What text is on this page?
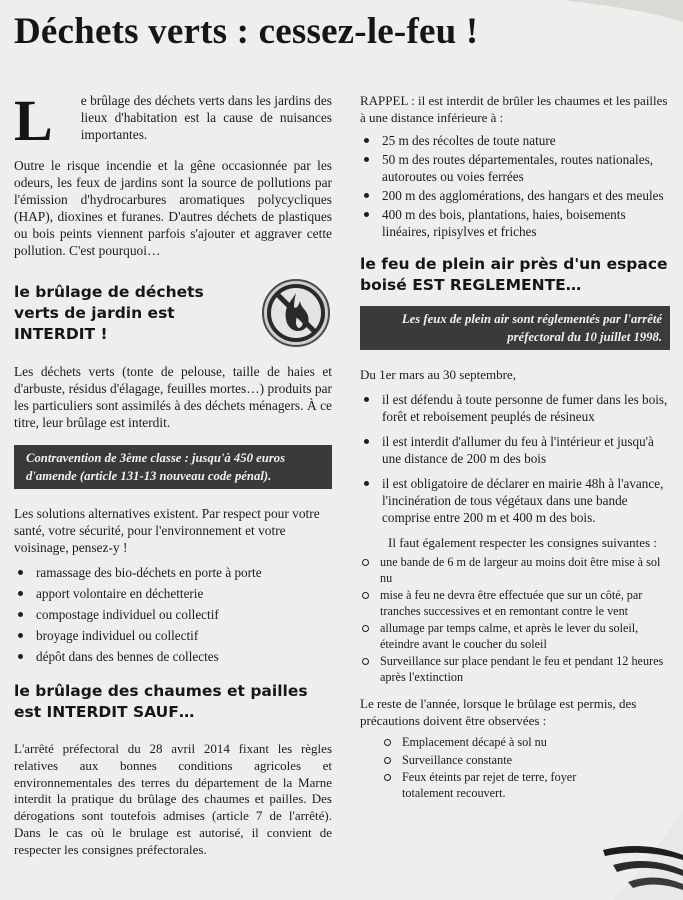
Déchets verts : cessez-le-feu !
L e brûlage des déchets verts dans les jardins des lieux d'habitation est la cause de nuisances importantes.

Outre le risque incendie et la gêne occasionnée par les odeurs, les feux de jardins sont la source de pollutions par l'émission d'hydrocarbures aromatiques polycycliques (HAP), dioxines et furanes. D'autres déchets de plastiques ou bois peints viennent parfois s'ajouter et aggraver cette pollution. C'est pourquoi…

le brûlage de déchets verts de jardin est INTERDIT !

Les déchets verts (tonte de pelouse, taille de haies et d'arbuste, résidus d'élagage, feuilles mortes…) produits par les particuliers sont assimilés à des déchets ménagers. À ce titre, leur brûlage est interdit.

Contravention de 3ème classe : jusqu'à 450 euros d'amende (article 131-13 nouveau code pénal).

Les solutions alternatives existent. Par respect pour votre santé, votre sécurité, pour l'environnement et votre voisinage, pensez-y !

ramassage des bio-déchets en porte à porte
apport volontaire en déchetterie
compostage individuel ou collectif
broyage individuel ou collectif
dépôt dans des bennes de collectes
le brûlage des chaumes et pailles est INTERDIT SAUF…

L'arrêté préfectoral du 28 avril 2014 fixant les règles relatives aux bonnes conditions agricoles et environnementales des terres du département de la Marne interdit la pratique du brûlage des chaumes et pailles. Des dérogations sont toutefois admises (article 7 de l'arrêté). Dans le cas où le brulage est autorisé, il convient de respecter les consignes préfectorales.

RAPPEL : il est interdit de brûler les chaumes et les pailles à une distance inférieure à :

25 m des récoltes de toute nature
50 m des routes départementales, routes nationales, autoroutes ou voies ferrées
200 m des agglomérations, des hangars et des meules
400 m des bois, plantations, haies, boisements linéaires, ripisylves et friches
le feu de plein air près d'un espace boisé EST REGLEMENTE…
Les feux de plein air sont réglementés par l'arrêté préfectoral du 10 juillet 1998.

Du 1er mars au 30 septembre,

il est défendu à toute personne de fumer dans les bois, forêt et reboisement peuplés de résineux
il est interdit d'allumer du feu à l'intérieur et jusqu'à une distance de 200 m des bois
il est obligatoire de déclarer en mairie 48h à l'avance, l'incinération de tous végétaux dans une bande comprise entre 200 m et 400 m des bois.

Il faut également respecter les consignes suivantes :

une bande de 6 m de largeur au moins doit être mise à sol nu
mise à feu ne devra être effectuée que sur un côté, par tranches successives et en remontant contre le vent
allumage par temps calme, et après le lever du soleil, éteindre avant le coucher du soleil
Surveillance sur place pendant le feu et pendant 12 heures après l'extinction

Le reste de l'année, lorsque le brûlage est permis, des précautions doivent être observées :

Emplacement décapé à sol nu
Surveillance constante
Feux éteints par rejet de terre, foyer totalement recouvert.
